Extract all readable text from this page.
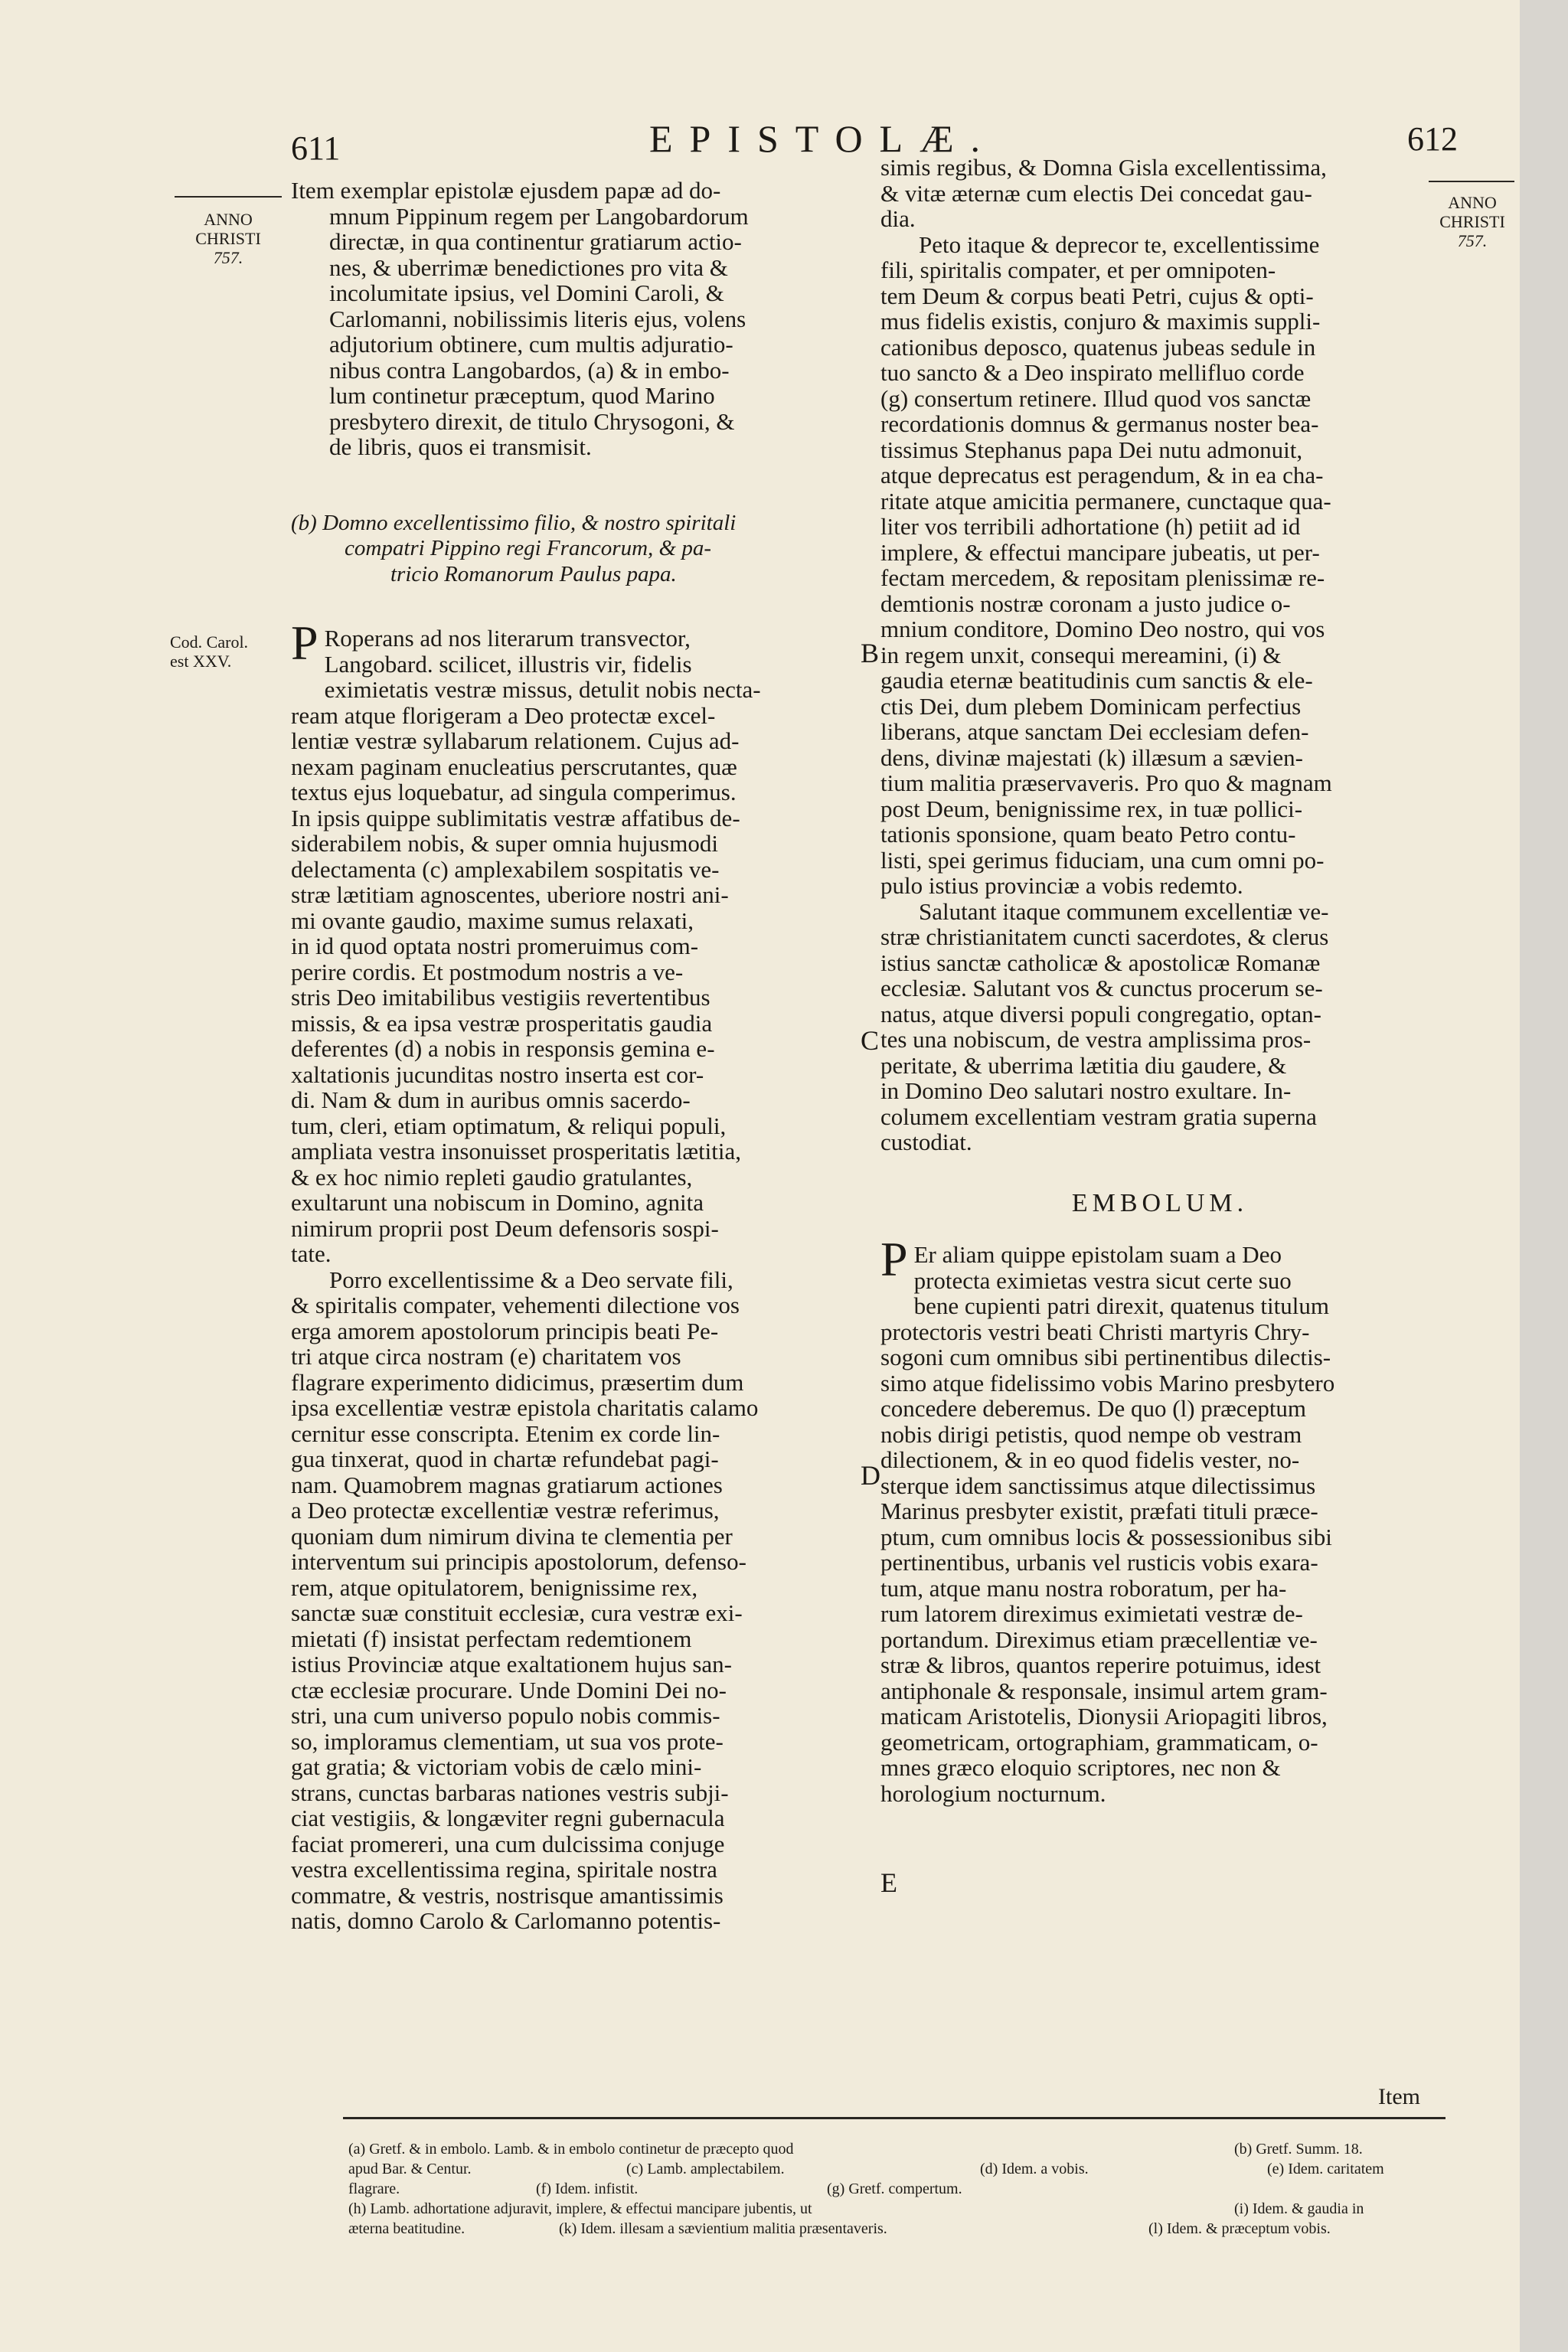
611	EPISTOLÆ.	612
ANNO
CHRISTI
757.
Cod. Carol.
est XXV.
ANNO
CHRISTI
757.
B
C
D
E
Item exemplar epistolæ ejusdem papæ ad do-
mnum Pippinum regem per Langobardorum
directæ, in qua continentur gratiarum actio-
nes, & uberrimæ benedictiones pro vita &
incolumitate ipsius, vel Domini Caroli, &
Carlomanni, nobilissimis literis ejus, volens
adjutorium obtinere, cum multis adjuratio-
nibus contra Langobardos, (a) & in embo-
lum continetur præceptum, quod Marino
presbytero direxit, de titulo Chrysogoni, &
de libris, quos ei transmisit.
(b) Domno excellentissimo filio, & nostro spiritali
compatri Pippino regi Francorum, & pa-
tricio Romanorum Paulus papa.
P Roperans ad nos literarum transvector,
Langobard. scilicet, illustris vir, fidelis
eximietatis vestræ missus, detulit nobis necta-
ream atque florigeram a Deo protectæ excel-
lentiæ vestræ syllabarum relationem. Cujus ad-
nexam paginam enucleatius perscrutantes, quæ
textus ejus loquebatur, ad singula comperimus.
In ipsis quippe sublimitatis vestræ affatibus de-
siderabilem nobis, & super omnia hujusmodi
delectamenta (c) amplexabilem sospitatis ve-
stræ lætitiam agnoscentes, uberiore nostri ani-
mi ovante gaudio, maxime sumus relaxati,
in id quod optata nostri promeruimus com-
perire cordis. Et postmodum nostris a ve-
stris Deo imitabilibus vestigiis revertentibus
missis, & ea ipsa vestræ prosperitatis gaudia
deferentes (d) a nobis in responsis gemina e-
xaltationis jucunditas nostro inserta est cor-
di. Nam & dum in auribus omnis sacerdo-
tum, cleri, etiam optimatum, & reliqui populi,
ampliata vestra insonuisset prosperitatis lætitia,
& ex hoc nimio repleti gaudio gratulantes,
exultarunt una nobiscum in Domino, agnita
nimirum proprii post Deum defensoris sospi-
tate.
Porro excellentissime & a Deo servate fili,
& spiritalis compater, vehementi dilectione vos
erga amorem apostolorum principis beati Pe-
tri atque circa nostram (e) charitatem vos
flagrare experimento didicimus, præsertim dum
ipsa excellentiæ vestræ epistola charitatis calamo
cernitur esse conscripta. Etenim ex corde lin-
gua tinxerat, quod in chartæ refundebat pagi-
nam. Quamobrem magnas gratiarum actiones
a Deo protectæ excellentiæ vestræ referimus,
quoniam dum nimirum divina te clementia per
interventum sui principis apostolorum, defenso-
rem, atque opitulatorem, benignissime rex,
sanctæ suæ constituit ecclesiæ, cura vestræ exi-
mietati (f) insistat perfectam redemtionem
istius Provinciæ atque exaltationem hujus san-
ctæ ecclesiæ procurare. Unde Domini Dei no-
stri, una cum universo populo nobis commis-
so, imploramus clementiam, ut sua vos prote-
gat gratia; & victoriam vobis de cælo mini-
strans, cunctas barbaras nationes vestris subji-
ciat vestigiis, & longæviter regni gubernacula
faciat promereri, una cum dulcissima conjuge
vestra excellentissima regina, spiritale nostra
commatre, & vestris, nostrisque amantissimis
natis, domno Carolo & Carlomanno potentis-
simis regibus, & Domna Gisla excellentissima,
& vitæ æternæ cum electis Dei concedat gau-
dia.
Peto itaque & deprecor te, excellentissime
fili, spiritalis compater, et per omnipoten-
tem Deum & corpus beati Petri, cujus & opti-
mus fidelis existis, conjuro & maximis suppli-
cationibus deposco, quatenus jubeas sedule in
tuo sancto & a Deo inspirato mellifluo corde
(g) consertum retinere. Illud quod vos sanctæ
recordationis domnus & germanus noster bea-
tissimus Stephanus papa Dei nutu admonuit,
atque deprecatus est peragendum, & in ea cha-
ritate atque amicitia permanere, cunctaque qua-
liter vos terribili adhortatione (h) petiit ad id
implere, & effectui mancipare jubeatis, ut per-
fectam mercedem, & repositam plenissimæ re-
demtionis nostræ coronam a justo judice o-
mnium conditore, Domino Deo nostro, qui vos
in regem unxit, consequi mereamini, (i) &
gaudia eternæ beatitudinis cum sanctis & ele-
ctis Dei, dum plebem Dominicam perfectius
liberans, atque sanctam Dei ecclesiam defen-
dens, divinæ majestati (k) illæsum a sævien-
tium malitia præservaveris. Pro quo & magnam
post Deum, benignissime rex, in tuæ pollici-
tationis sponsione, quam beato Petro contu-
listi, spei gerimus fiduciam, una cum omni po-
pulo istius provinciæ a vobis redemto.
Salutant itaque communem excellentiæ ve-
stræ christianitatem cuncti sacerdotes, & clerus
istius sanctæ catholicæ & apostolicæ Romanæ
ecclesiæ. Salutant vos & cunctus procerum se-
natus, atque diversi populi congregatio, optan-
tes una nobiscum, de vestra amplissima pros-
peritate, & uberrima lætitia diu gaudere, &
in Domino Deo salutari nostro exultare. In-
columem excellentiam vestram gratia superna
custodiat.
EMBOLUM.
P Er aliam quippe epistolam suam a Deo
protecta eximietas vestra sicut certe suo
bene cupienti patri direxit, quatenus titulum
protectoris vestri beati Christi martyris Chry-
sogoni cum omnibus sibi pertinentibus dilectis-
simo atque fidelissimo vobis Marino presbytero
concedere deberemus. De quo (l) præceptum
nobis dirigi petistis, quod nempe ob vestram
dilectionem, & in eo quod fidelis vester, no-
sterque idem sanctissimus atque dilectissimus
Marinus presbyter existit, præfati tituli præce-
ptum, cum omnibus locis & possessionibus sibi
pertinentibus, urbanis vel rusticis vobis exara-
tum, atque manu nostra roboratum, per ha-
rum latorem direximus eximietati vestræ de-
portandum. Direximus etiam præcellentiæ ve-
stræ & libros, quantos reperire potuimus, idest
antiphonale & responsale, insimul artem gram-
maticam Aristotelis, Dionysii Ariopagiti libros,
geometricam, ortographiam, grammaticam, o-
mnes græco eloquio scriptores, nec non &
horologium nocturnum.
Item
(a) Gretf. & in embolo. Lamb. & in embolo continetur de præcepto quod	(b) Gretf. Summ. 18.
apud Bar. & Centur.	(c) Lamb. amplectabilem.	(d) Idem. a vobis.	(e) Idem. caritatem
flagrare.	(f) Idem. infistit.	(g) Gretf. compertum.
(h) Lamb. adhortatione adjuravit, implere, & effectui mancipare jubentis, ut	(i) Idem. & gaudia in
æterna beatitudine.	(k) Idem. illesam a sævientium malitia præsentaveris.	(l) Idem. & præceptum vobis.
